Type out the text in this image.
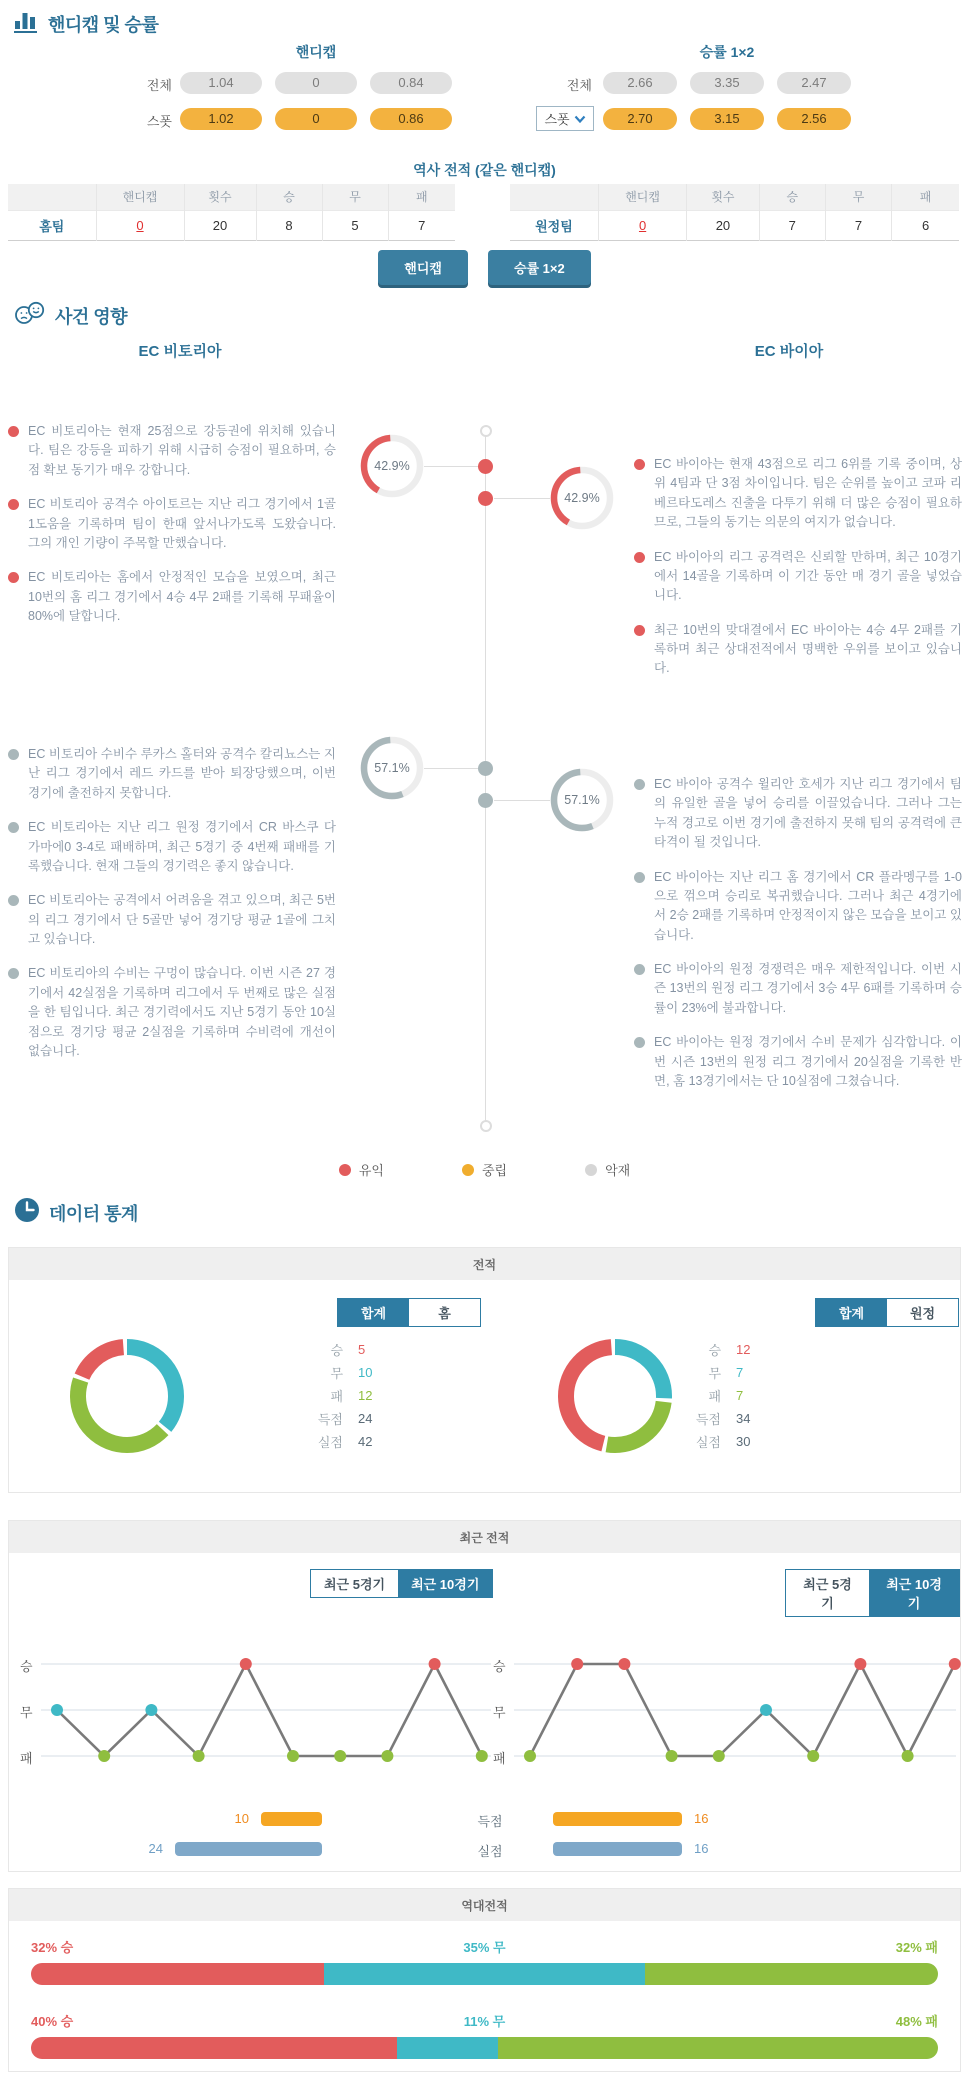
핸디캡 및 승률
핸디캡
전체	1.04	0	0.84
스폿	1.02	0	0.86
승률 1×2
전체	2.66	3.35	2.47
스폿	2.70	3.15	2.56
역사 전적 (같은 핸디캡)
	핸디캡	횟수	승	무	패
홈팀	0	20	8	5	7
	핸디캡	횟수	승	무	패
원정팀	0	20	7	7	6
핸디캡	승률 1×2
사건 영향
EC 비토리아	EC 바이아
EC 비토리아는 현재 25점으로 강등권에 위치해 있습니다. 팀은 강등을 피하기 위해 시급히 승점이 필요하며, 승점 확보 동기가 매우 강합니다.
EC 비토리아 공격수 아이토르는 지난 리그 경기에서 1골1도움을 기록하며 팀이 한때 앞서나가도록 도왔습니다. 그의 개인 기량이 주목할 만했습니다.
EC 비토리아는 홈에서 안정적인 모습을 보였으며, 최근 10번의 홈 리그 경기에서 4승 4무 2패를 기록해 무패율이 80%에 달합니다.
EC 비토리아 수비수 루카스 홀터와 공격수 칼리뇨스는 지난 리그 경기에서 레드 카드를 받아 퇴장당했으며, 이번 경기에 출전하지 못합니다.
EC 비토리아는 지난 리그 원정 경기에서 CR 바스쿠 다 가마에0 3-4로 패배하며, 최근 5경기 중 4번째 패배를 기록했습니다. 현재 그들의 경기력은 좋지 않습니다.
EC 비토리아는 공격에서 어려움을 겪고 있으며, 최근 5번의 리그 경기에서 단 5골만 넣어 경기당 평균 1골에 그치고 있습니다.
EC 비토리아의 수비는 구멍이 많습니다. 이번 시즌 27 경기에서 42실점을 기록하며 리그에서 두 번째로 많은 실점을 한 팀입니다. 최근 경기력에서도 지난 5경기 동안 10실점으로 경기당 평균 2실점을 기록하며 수비력에 개선이 없습니다.
EC 바이아는 현재 43점으로 리그 6위를 기록 중이며, 상위 4팀과 단 3점 차이입니다. 팀은 순위를 높이고 코파 리베르타도레스 진출을 다투기 위해 더 많은 승점이 필요하므로, 그들의 동기는 의문의 여지가 없습니다.
EC 바이아의 리그 공격력은 신뢰할 만하며, 최근 10경기에서 14골을 기록하며 이 기간 동안 매 경기 골을 넣었습니다.
최근 10번의 맞대결에서 EC 바이아는 4승 4무 2패를 기록하며 최근 상대전적에서 명백한 우위를 보이고 있습니다.
EC 바이아 공격수 윌리안 호세가 지난 리그 경기에서 팀의 유일한 골을 넣어 승리를 이끌었습니다. 그러나 그는 누적 경고로 이번 경기에 출전하지 못해 팀의 공격력에 큰 타격이 될 것입니다.
EC 바이아는 지난 리그 홈 경기에서 CR 플라멩구를 1-0으로 꺾으며 승리로 복귀했습니다. 그러나 최근 4경기에서 2승 2패를 기록하며 안정적이지 않은 모습을 보이고 있습니다.
EC 바이아의 원정 경쟁력은 매우 제한적입니다. 이번 시즌 13번의 원정 리그 경기에서 3승 4무 6패를 기록하며 승률이 23%에 불과합니다.
EC 바이아는 원정 경기에서 수비 문제가 심각합니다. 이번 시즌 13번의 원정 리그 경기에서 20실점을 기록한 반면, 홈 13경기에서는 단 10실점에 그쳤습니다.
42.9%
42.9%
57.1%
57.1%
유익	중립	악재
데이터 통계
전적
합계	홈	합계	원정
승 5
무 10
패 12
득점 24
실점 42
승 12
무 7
패 7
득점 34
실점 30
최근 전적
최근 5경기	최근 10경기	최근 5경기
최근 10경기
승
무
패
승
무
패
10	득점	16
24	실점	16
역대전적
32% 승	35% 무	32% 패
40% 승	11% 무	48% 패
